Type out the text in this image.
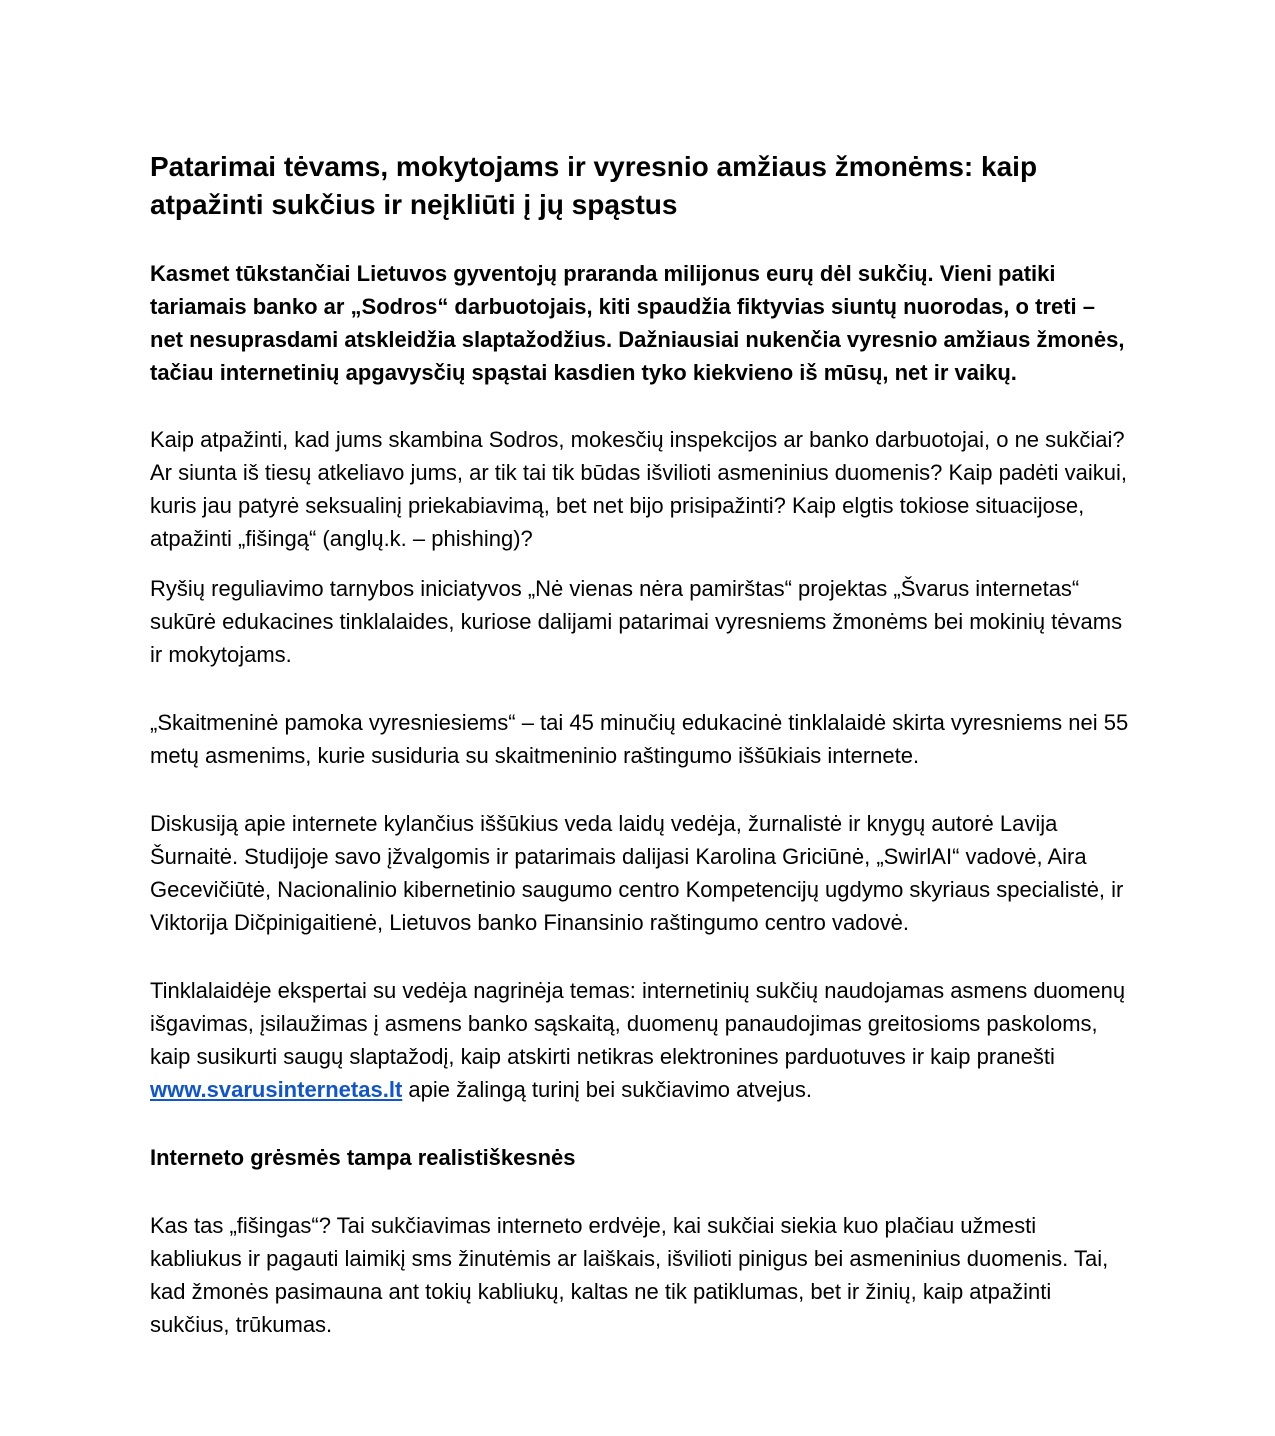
Patarimai tėvams, mokytojams ir vyresnio amžiaus žmonėms: kaip atpažinti sukčius ir neįkliūti į jų spąstus

Kasmet tūkstančiai Lietuvos gyventojų praranda milijonus eurų dėl sukčių. Vieni patiki tariamais banko ar „Sodros“ darbuotojais, kiti spaudžia fiktyvias siuntų nuorodas, o treti – net nesuprasdami atskleidžia slaptažodžius. Dažniausiai nukenčia vyresnio amžiaus žmonės, tačiau internetinių apgavysčių spąstai kasdien tyko kiekvieno iš mūsų, net ir vaikų.

Kaip atpažinti, kad jums skambina Sodros, mokesčių inspekcijos ar banko darbuotojai, o ne sukčiai? Ar siunta iš tiesų atkeliavo jums, ar tik tai tik būdas išvilioti asmeninius duomenis? Kaip padėti vaikui, kuris jau patyrė seksualinį priekabiavimą, bet net bijo prisipažinti? Kaip elgtis tokiose situacijose, atpažinti „fišingą“ (anglų.k. – phishing)?

Ryšių reguliavimo tarnybos iniciatyvos „Nė vienas nėra pamirštas“ projektas „Švarus internetas“ sukūrė edukacines tinklalaides, kuriose dalijami patarimai vyresniems žmonėms bei mokinių tėvams ir mokytojams.

„Skaitmeninė pamoka vyresniesiems“ – tai 45 minučių edukacinė tinklalaidė skirta vyresniems nei 55 metų asmenims, kurie susiduria su skaitmeninio raštingumo iššūkiais internete.

Diskusiją apie internete kylančius iššūkius veda laidų vedėja, žurnalistė ir knygų autorė Lavija Šurnaitė. Studijoje savo įžvalgomis ir patarimais dalijasi Karolina Griciūnė, „SwirlAI“ vadovė, Aira Gecevičiūtė, Nacionalinio kibernetinio saugumo centro Kompetencijų ugdymo skyriaus specialistė, ir Viktorija Dičpinigaitienė, Lietuvos banko Finansinio raštingumo centro vadovė.

Tinklalaidėje ekspertai su vedėja nagrinėja temas: internetinių sukčių naudojamas asmens duomenų išgavimas, įsilaužimas į asmens banko sąskaitą, duomenų panaudojimas greitosioms paskoloms, kaip susikurti saugų slaptažodį, kaip atskirti netikras elektronines parduotuves ir kaip pranešti www.svarusinternetas.lt apie žalingą turinį bei sukčiavimo atvejus.

Interneto grėsmės tampa realistiškesnės

Kas tas „fišingas“? Tai sukčiavimas interneto erdvėje, kai sukčiai siekia kuo plačiau užmesti kabliukus ir pagauti laimikį sms žinutėmis ar laiškais, išvilioti pinigus bei asmeninius duomenis. Tai, kad žmonės pasimauna ant tokių kabliukų, kaltas ne tik patiklumas, bet ir žinių, kaip atpažinti sukčius, trūkumas.
